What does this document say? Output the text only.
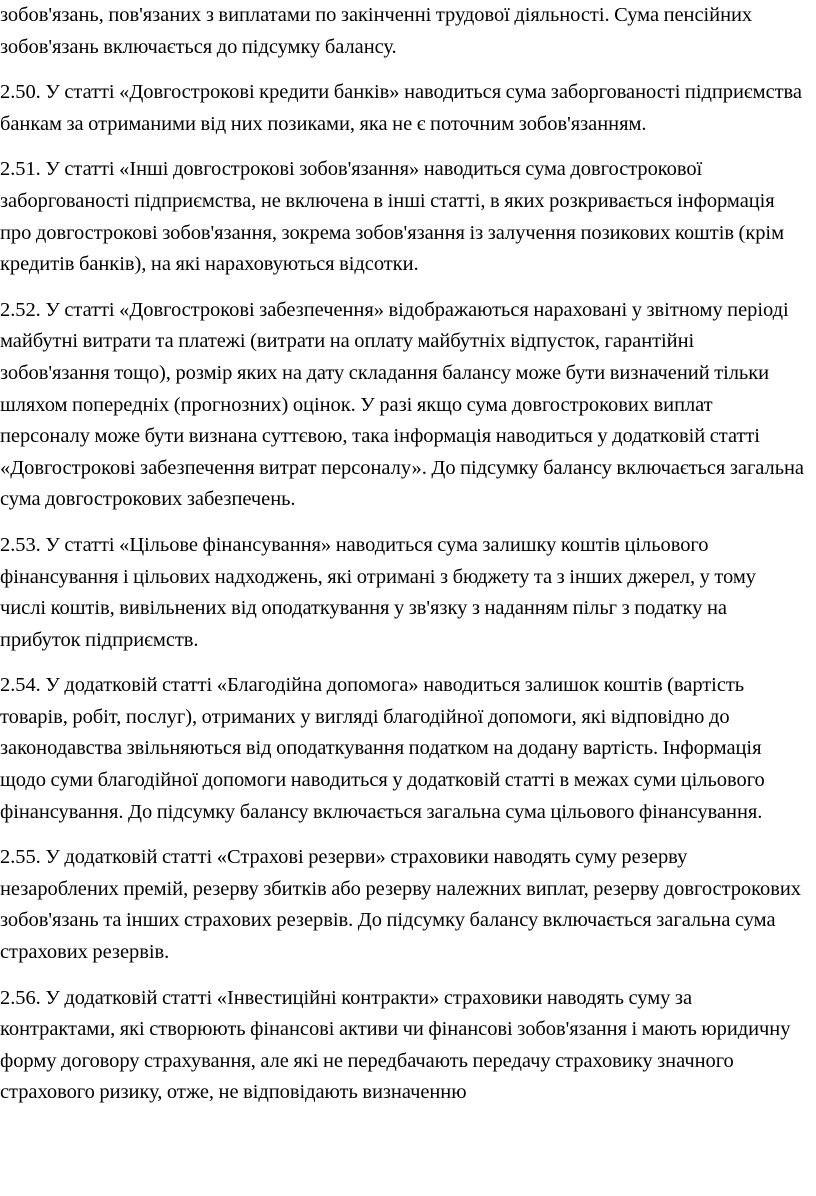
зобов'язань, пов'язаних з виплатами по закінченні трудової діяльності. Сума пенсійних зобов'язань включається до підсумку балансу.

2.50. У статті «Довгострокові кредити банків» наводиться сума заборгованості підприємства банкам за отриманими від них позиками, яка не є поточним зобов'язанням.

2.51. У статті «Інші довгострокові зобов'язання» наводиться сума довгострокової заборгованості підприємства, не включена в інші статті, в яких розкривається інформація про довгострокові зобов'язання, зокрема зобов'язання із залучення позикових коштів (крім кредитів банків), на які нараховуються відсотки.

2.52. У статті «Довгострокові забезпечення» відображаються нараховані у звітному періоді майбутні витрати та платежі (витрати на оплату майбутніх відпусток, гарантійні зобов'язання тощо), розмір яких на дату складання балансу може бути визначений тільки шляхом попередніх (прогнозних) оцінок. У разі якщо сума довгострокових виплат персоналу може бути визнана суттєвою, така інформація наводиться у додатковій статті «Довгострокові забезпечення витрат персоналу». До підсумку балансу включається загальна сума довгострокових забезпечень.

2.53. У статті «Цільове фінансування» наводиться сума залишку коштів цільового фінансування і цільових надходжень, які отримані з бюджету та з інших джерел, у тому числі коштів, вивільнених від оподаткування у зв'язку з наданням пільг з податку на прибуток підприємств.

2.54. У додатковій статті «Благодійна допомога» наводиться залишок коштів (вартість товарів, робіт, послуг), отриманих у вигляді благодійної допомоги, які відповідно до законодавства звільняються від оподаткування податком на додану вартість. Інформація щодо суми благодійної допомоги наводиться у додатковій статті в межах суми цільового фінансування. До підсумку балансу включається загальна сума цільового фінансування.

2.55. У додатковій статті «Страхові резерви» страховики наводять суму резерву незароблених премій, резерву збитків або резерву належних виплат, резерву довгострокових зобов'язань та інших страхових резервів. До підсумку балансу включається загальна сума страхових резервів.

2.56. У додатковій статті «Інвестиційні контракти» страховики наводять суму за контрактами, які створюють фінансові активи чи фінансові зобов'язання і мають юридичну форму договору страхування, але які не передбачають передачу страховику значного страхового ризику, отже, не відповідають визначенню
